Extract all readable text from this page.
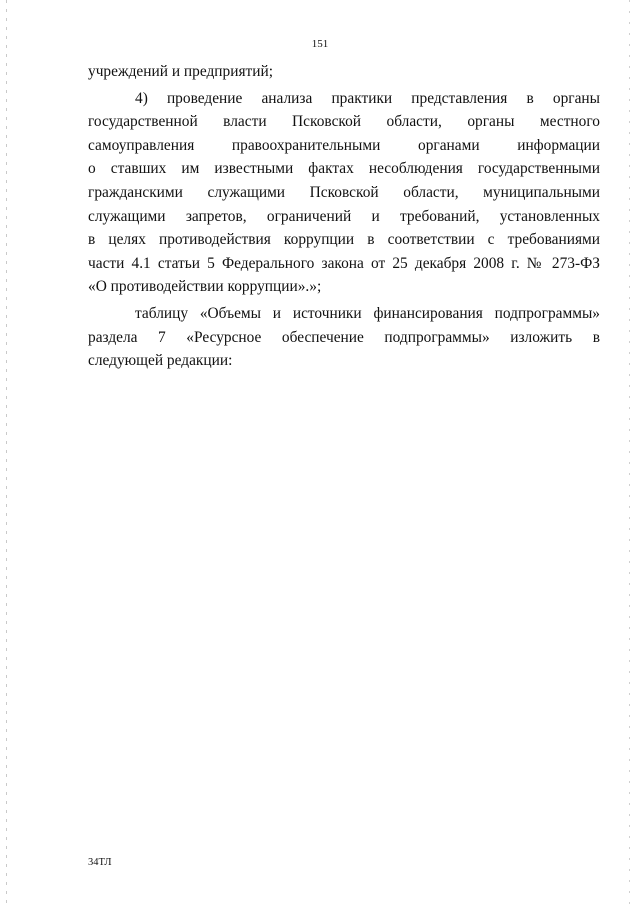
151

учреждений и предприятий;

4) проведение анализа практики представления в органы
государственной власти Псковской области, органы местного
самоуправления правоохранительными органами информации
о ставших им известными фактах несоблюдения государственными
гражданскими служащими Псковской области, муниципальными
служащими запретов, ограничений и требований, установленных
в целях противодействия коррупции в соответствии с требованиями
части 4.1 статьи 5 Федерального закона от 25 декабря 2008 г. № 273-ФЗ
«О противодействии коррупции».»;

таблицу «Объемы и источники финансирования подпрограммы»
раздела 7 «Ресурсное обеспечение подпрограммы» изложить в
следующей редакции:

34ТЛ
